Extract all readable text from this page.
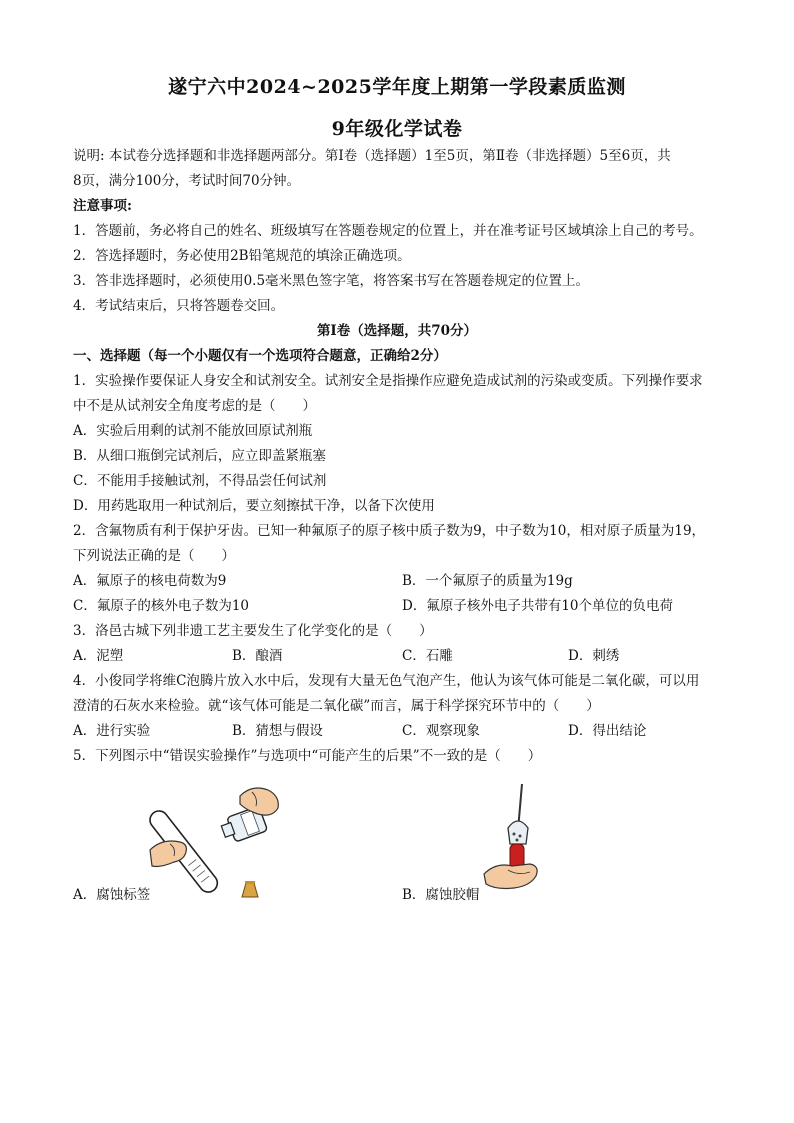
遂宁六中2024~2025学年度上期第一学段素质监测
9年级化学试卷
说明: 本试卷分选择题和非选择题两部分。第Ⅰ卷（选择题）1至5页，第Ⅱ卷（非选择题）5至6页，共
8页，满分100分，考试时间70分钟。
注意事项:
1．答题前，务必将自己的姓名、班级填写在答题卷规定的位置上，并在准考证号区域填涂上自己的考号。
2．答选择题时，务必使用2B铅笔规范的填涂正确选项。
3．答非选择题时，必须使用0.5毫米黑色签字笔，将答案书写在答题卷规定的位置上。
4．考试结束后，只将答题卷交回。
第Ⅰ卷（选择题，共70分）
一、选择题（每一个小题仅有一个选项符合题意，正确给2分）
1．实验操作要保证人身安全和试剂安全。试剂安全是指操作应避免造成试剂的污染或变质。下列操作要求
中不是从试剂安全角度考虑的是（　　）
A．实验后用剩的试剂不能放回原试剂瓶
B．从细口瓶倒完试剂后，应立即盖紧瓶塞
C．不能用手接触试剂，不得品尝任何试剂
D．用药匙取用一种试剂后，要立刻擦拭干净，以备下次使用
2．含氟物质有利于保护牙齿。已知一种氟原子的原子核中质子数为9，中子数为10，相对原子质量为19，
下列说法正确的是（　　）
A．氟原子的核电荷数为9	B．一个氟原子的质量为19g
C．氟原子的核外电子数为10	D．氟原子核外电子共带有10个单位的负电荷
3．洛邑古城下列非遗工艺主要发生了化学变化的是（　　）
A．泥塑	B．酿酒	C．石雕	D．刺绣
4．小俊同学将维C泡腾片放入水中后，发现有大量无色气泡产生，他认为该气体可能是二氧化碳，可以用
澄清的石灰水来检验。就“该气体可能是二氧化碳”而言，属于科学探究环节中的（　　）
A．进行实验	B．猜想与假设	C．观察现象	D．得出结论
5．下列图示中“错误实验操作”与选项中“可能产生的后果”不一致的是（　　）
A．腐蚀标签	B．腐蚀胶帽
